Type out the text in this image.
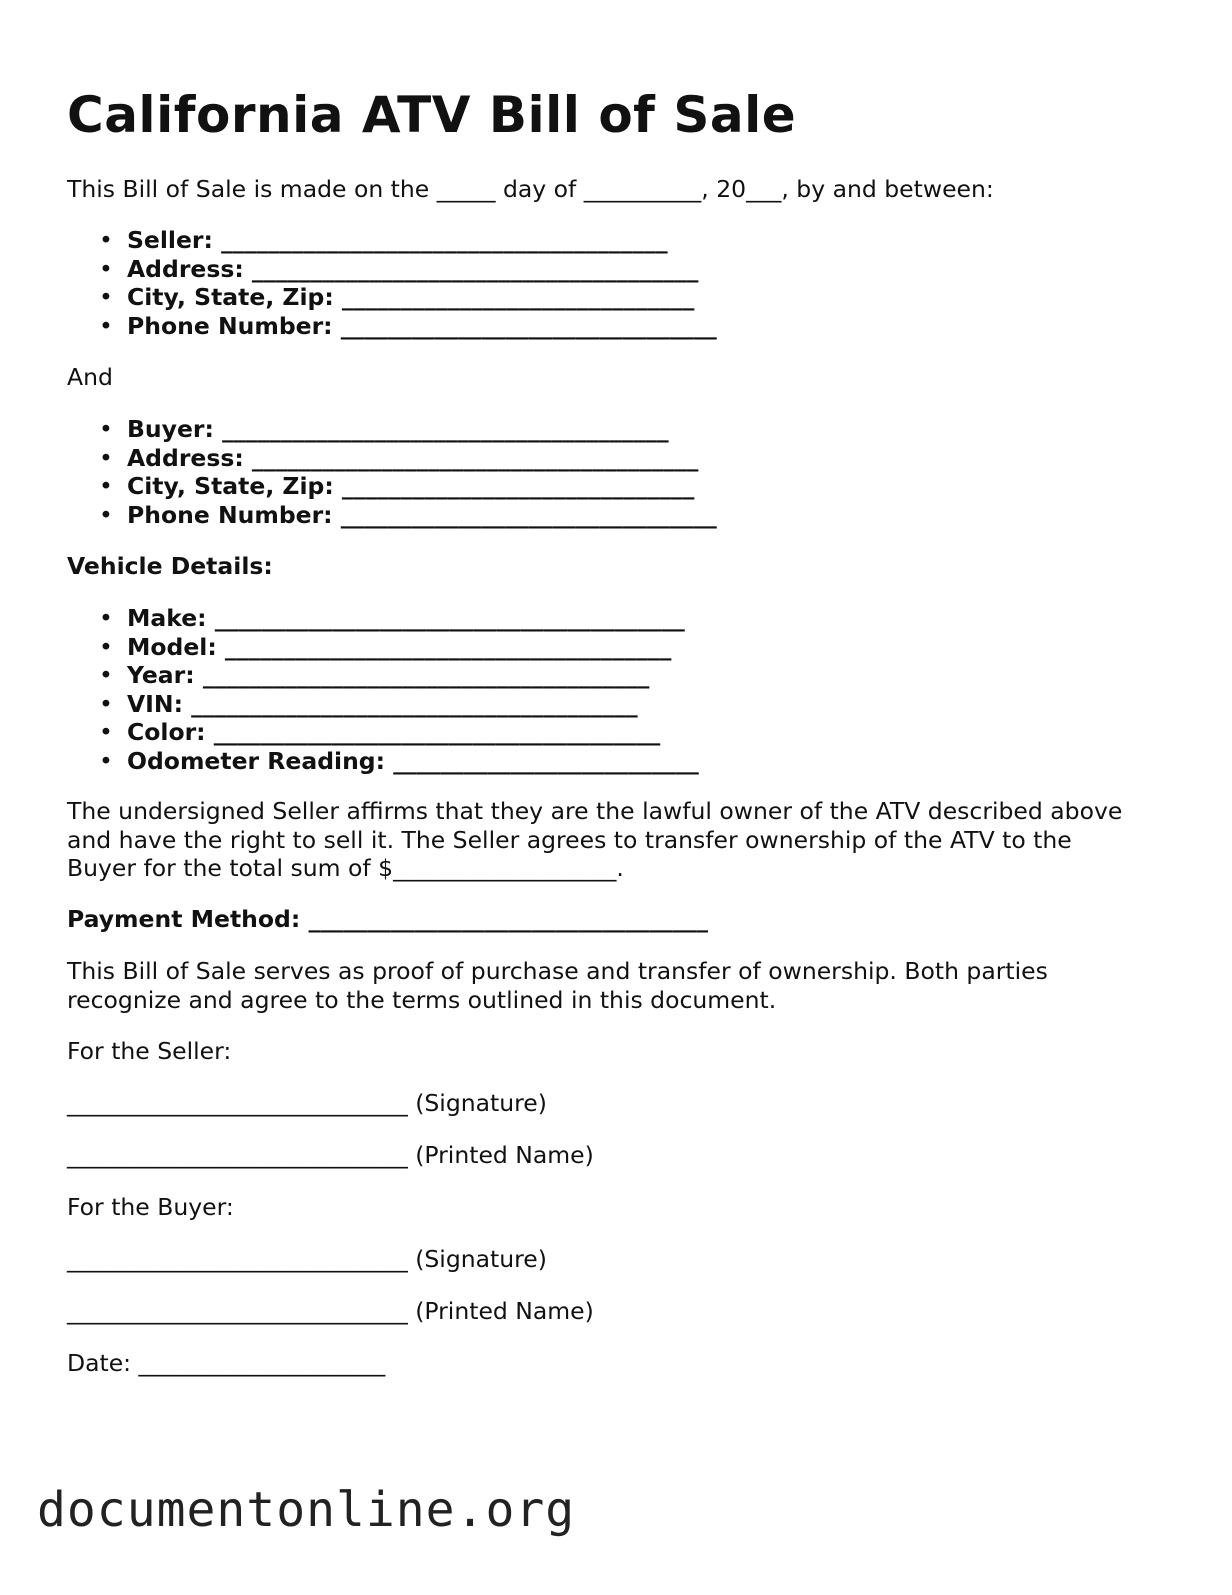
California ATV Bill of Sale
This Bill of Sale is made on the _____ day of __________, 20___, by and between:
• Seller: ______________________________________
• Address: ______________________________________
• City, State, Zip: ______________________________
• Phone Number: ________________________________
And
• Buyer: ______________________________________
• Address: ______________________________________
• City, State, Zip: ______________________________
• Phone Number: ________________________________
Vehicle Details:
• Make: ________________________________________
• Model: ______________________________________
• Year: ______________________________________
• VIN: ______________________________________
• Color: ______________________________________
• Odometer Reading: __________________________
The undersigned Seller affirms that they are the lawful owner of the ATV described above
and have the right to sell it. The Seller agrees to transfer ownership of the ATV to the
Buyer for the total sum of $___________________.
Payment Method: __________________________________
This Bill of Sale serves as proof of purchase and transfer of ownership. Both parties
recognize and agree to the terms outlined in this document.
For the Seller:
_____________________________ (Signature)
_____________________________ (Printed Name)
For the Buyer:
_____________________________ (Signature)
_____________________________ (Printed Name)
Date: _____________________
documentonline.org
